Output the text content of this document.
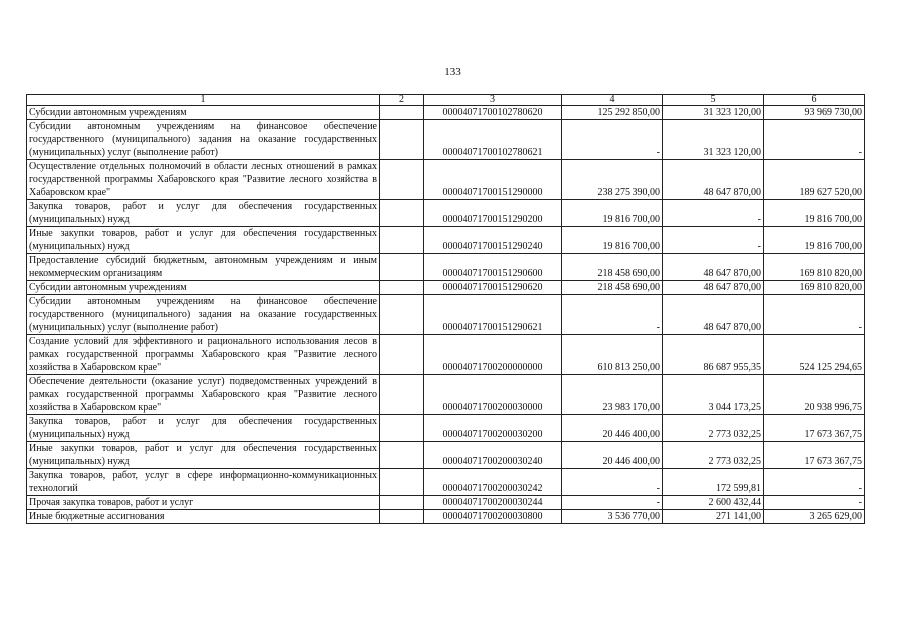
133
1	2	3	4	5	6
Субсидии автономным учреждениям		00004071700102780620	125 292 850,00	31 323 120,00	93 969 730,00
Субсидии автономным учреждениям на финансовое обеспечение государственного (муниципального) задания на оказание государственных (муниципальных) услуг (выполнение работ)		00004071700102780621	-	31 323 120,00	-
Осуществление отдельных полномочий в области лесных отношений в рамках государственной программы Хабаровского края "Развитие лесного хозяйства в Хабаровском крае"		00004071700151290000	238 275 390,00	48 647 870,00	189 627 520,00
Закупка товаров, работ и услуг для обеспечения государственных (муниципальных) нужд		00004071700151290200	19 816 700,00	-	19 816 700,00
Иные закупки товаров, работ и услуг для обеспечения государственных (муниципальных) нужд		00004071700151290240	19 816 700,00	-	19 816 700,00
Предоставление субсидий бюджетным, автономным учреждениям и иным некоммерческим организациям		00004071700151290600	218 458 690,00	48 647 870,00	169 810 820,00
Субсидии автономным учреждениям		00004071700151290620	218 458 690,00	48 647 870,00	169 810 820,00
Субсидии автономным учреждениям на финансовое обеспечение государственного (муниципального) задания на оказание государственных (муниципальных) услуг (выполнение работ)		00004071700151290621	-	48 647 870,00	-
Создание условий для эффективного и рационального использования лесов в рамках государственной программы Хабаровского края "Развитие лесного хозяйства в Хабаровском крае"		00004071700200000000	610 813 250,00	86 687 955,35	524 125 294,65
Обеспечение деятельности (оказание услуг) подведомственных учреждений в рамках государственной программы Хабаровского края "Развитие лесного хозяйства в Хабаровском крае"		00004071700200030000	23 983 170,00	3 044 173,25	20 938 996,75
Закупка товаров, работ и услуг для обеспечения государственных (муниципальных) нужд		00004071700200030200	20 446 400,00	2 773 032,25	17 673 367,75
Иные закупки товаров, работ и услуг для обеспечения государственных (муниципальных) нужд		00004071700200030240	20 446 400,00	2 773 032,25	17 673 367,75
Закупка товаров, работ, услуг в сфере информационно-коммуникационных технологий		00004071700200030242	-	172 599,81	-
Прочая закупка товаров, работ и услуг		00004071700200030244	-	2 600 432,44	-
Иные бюджетные ассигнования		00004071700200030800	3 536 770,00	271 141,00	3 265 629,00
